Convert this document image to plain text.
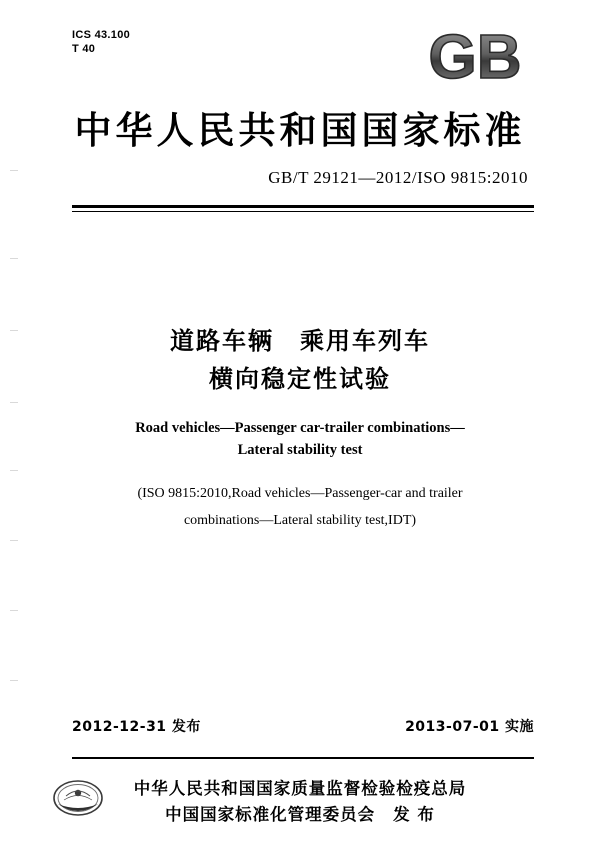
ICS 43.100
T 40	GB
中华人民共和国国家标准
GB/T 29121—2012/ISO 9815:2010
道路车辆　乘用车列车
横向稳定性试验
Road vehicles—Passenger car-trailer combinations—
Lateral stability test
(ISO 9815:2010,Road vehicles—Passenger-car and trailer
combinations—Lateral stability test,IDT)
2012-12-31 发布	2013-07-01 实施
中华人民共和国国家质量监督检验检疫总局
中国国家标准化管理委员会 发 布
